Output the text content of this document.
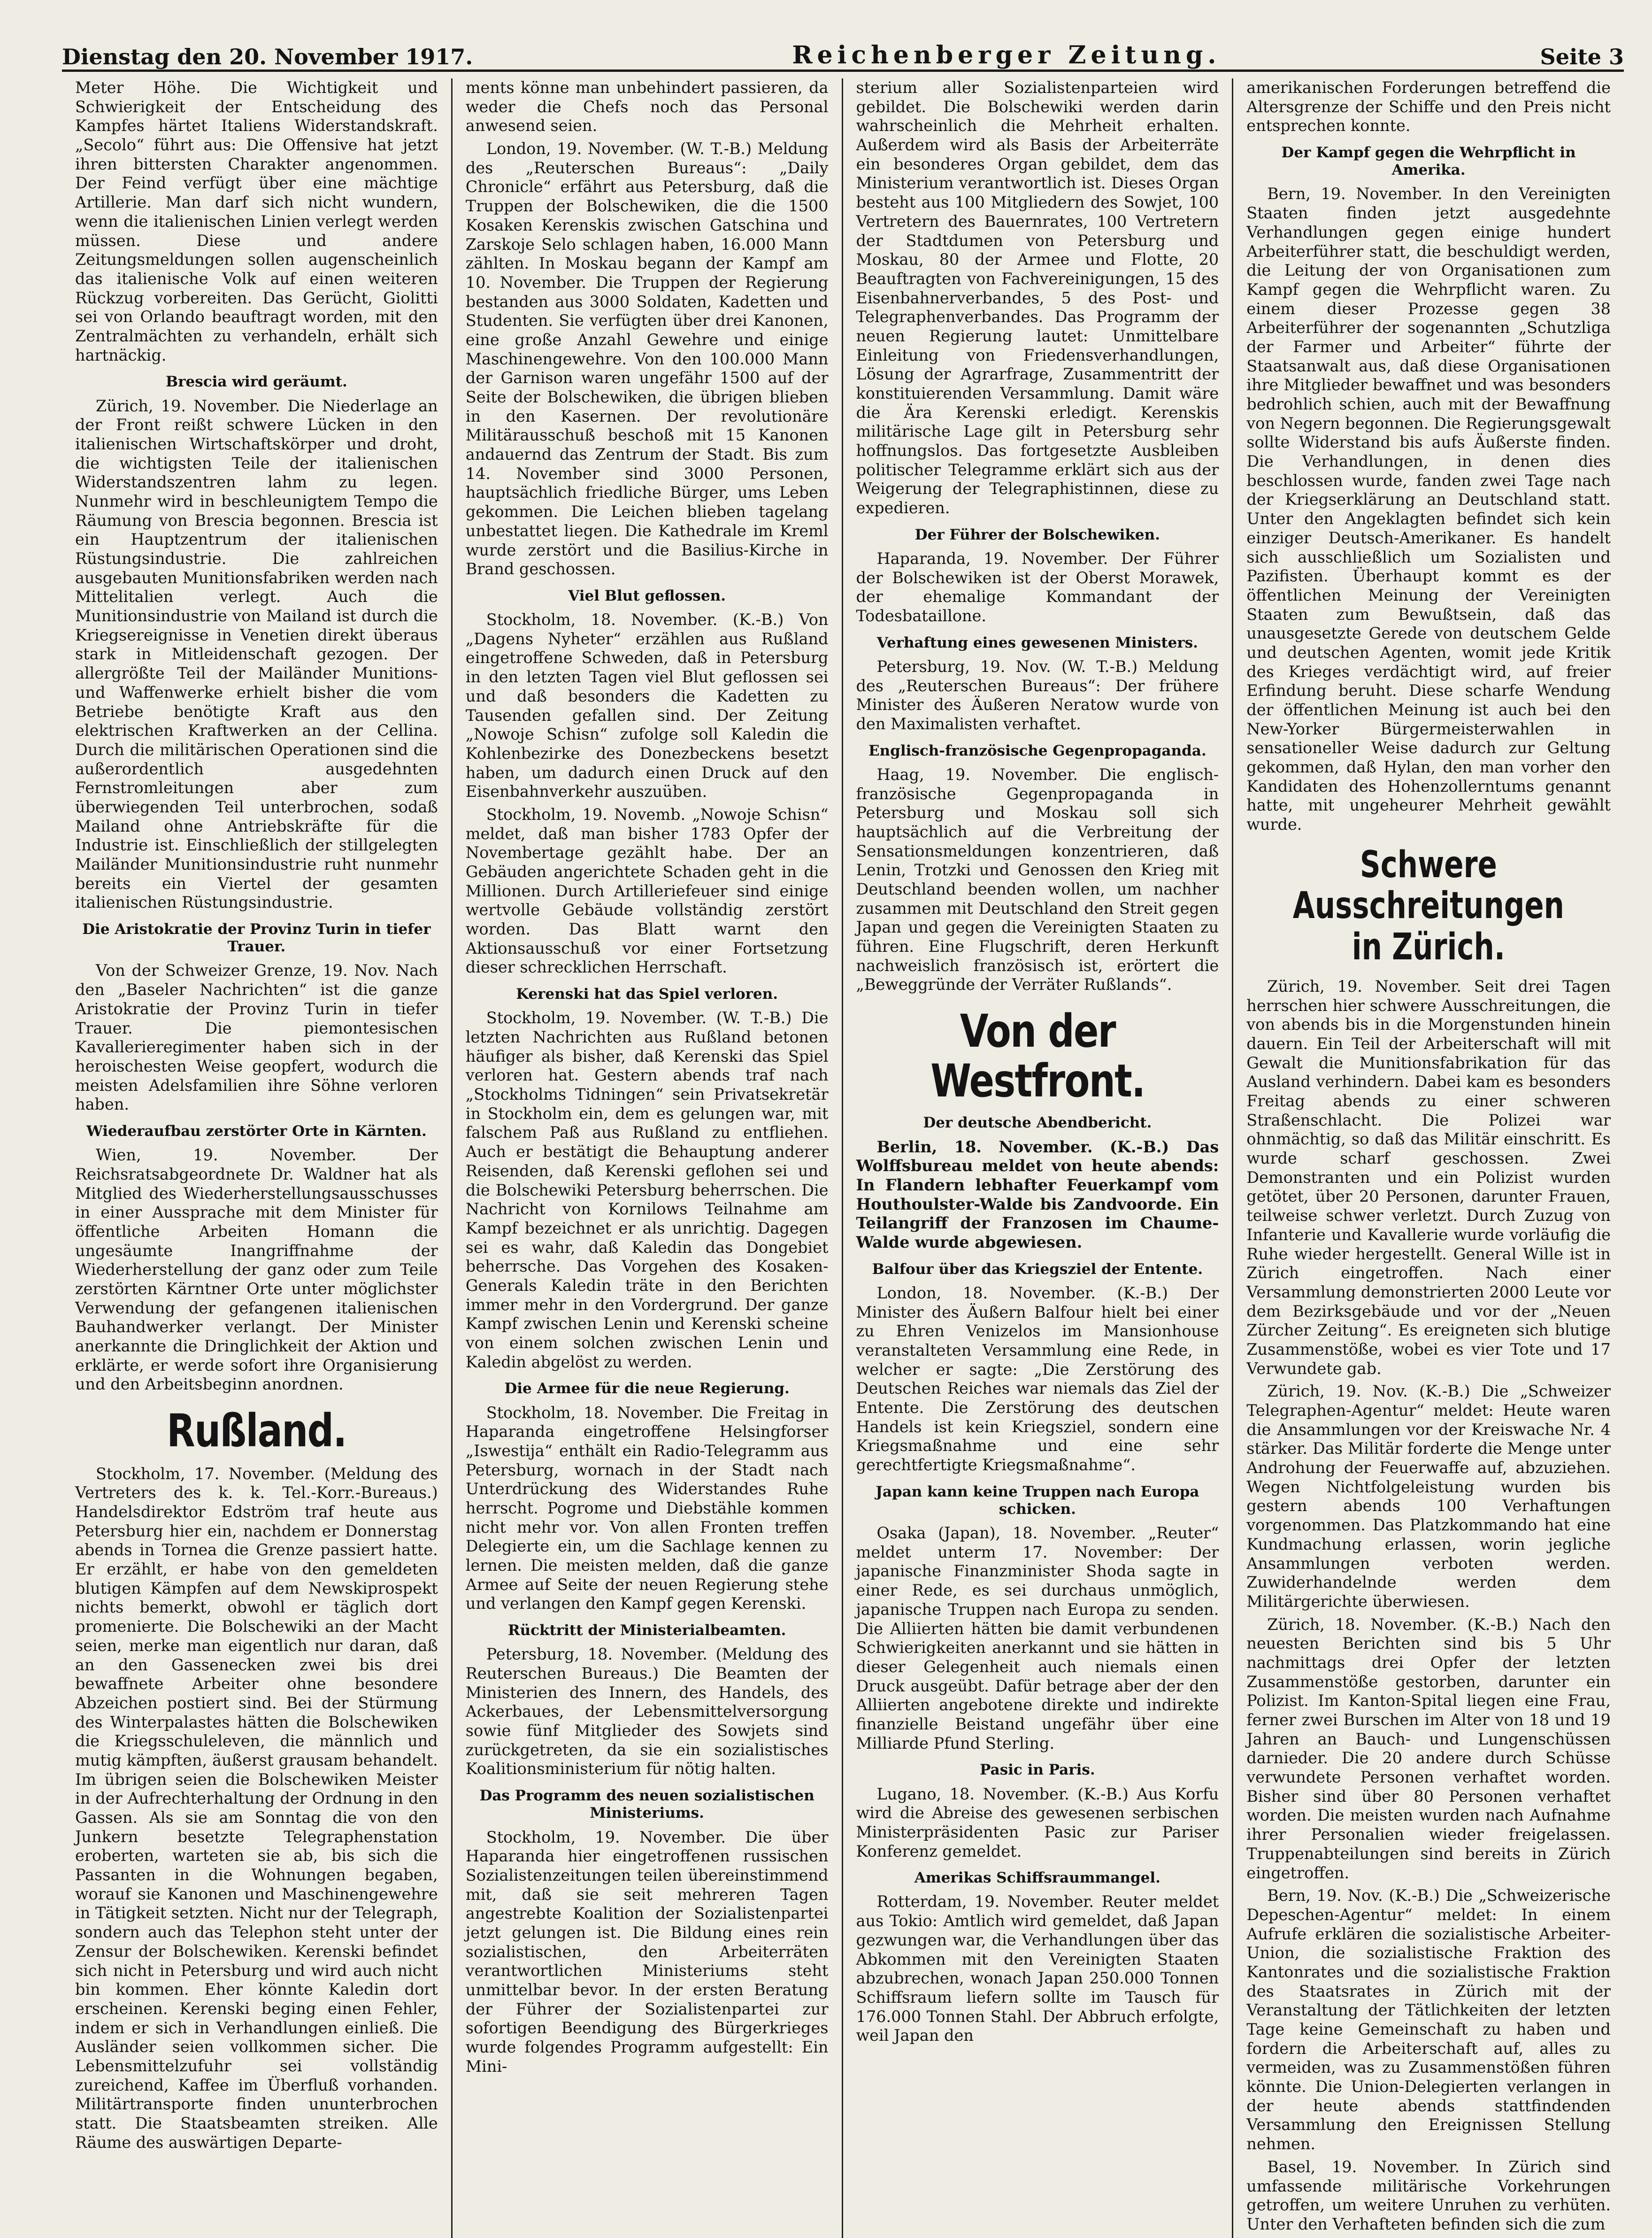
Dienstag den 20. November 1917.	Reichenberger Zeitung.	Seite 3

Meter Höhe. Die Wichtigkeit und Schwierigkeit der Entscheidung des Kampfes härtet Italiens Widerstandskraft. „Secolo“ führt aus: Die Offensive hat jetzt ihren bittersten Charakter angenommen. Der Feind verfügt über eine mächtige Artillerie. Man darf sich nicht wundern, wenn die italienischen Linien verlegt werden müssen. Diese und andere Zeitungsmeldungen sollen augenscheinlich das italienische Volk auf einen weiteren Rückzug vorbereiten. Das Gerücht, Giolitti sei von Orlando beauftragt worden, mit den Zentralmächten zu verhandeln, erhält sich hartnäckig.

Brescia wird geräumt.

Zürich, 19. November. Die Niederlage an der Front reißt schwere Lücken in den italienischen Wirtschaftskörper und droht, die wichtigsten Teile der italienischen Widerstandszentren lahm zu legen. Nunmehr wird in beschleunigtem Tempo die Räumung von Brescia begonnen. Brescia ist ein Hauptzentrum der italienischen Rüstungsindustrie. Die zahlreichen ausgebauten Munitionsfabriken werden nach Mittelitalien verlegt. Auch die Munitionsindustrie von Mailand ist durch die Kriegsereignisse in Venetien direkt überaus stark in Mitleidenschaft gezogen. Der allergrößte Teil der Mailänder Munitions- und Waffenwerke erhielt bisher die vom Betriebe benötigte Kraft aus den elektrischen Kraftwerken an der Cellina. Durch die militärischen Operationen sind die außerordentlich ausgedehnten Fernstromleitungen aber zum überwiegenden Teil unterbrochen, sodaß Mailand ohne Antriebskräfte für die Industrie ist. Einschließlich der stillgelegten Mailänder Munitionsindustrie ruht nunmehr bereits ein Viertel der gesamten italienischen Rüstungsindustrie.

Die Aristokratie der Provinz Turin in tiefer Trauer.

Von der Schweizer Grenze, 19. Nov. Nach den „Baseler Nachrichten“ ist die ganze Aristokratie der Provinz Turin in tiefer Trauer. Die piemontesischen Kavallerieregimenter haben sich in der heroischesten Weise geopfert, wodurch die meisten Adelsfamilien ihre Söhne verloren haben.

Wiederaufbau zerstörter Orte in Kärnten.

Wien, 19. November. Der Reichsratsabgeordnete Dr. Waldner hat als Mitglied des Wiederherstellungsausschusses in einer Aussprache mit dem Minister für öffentliche Arbeiten Homann die ungesäumte Inangriffnahme der Wiederherstellung der ganz oder zum Teile zerstörten Kärntner Orte unter möglichster Verwendung der gefangenen italienischen Bauhandwerker verlangt. Der Minister anerkannte die Dringlichkeit der Aktion und erklärte, er werde sofort ihre Organisierung und den Arbeitsbeginn anordnen.

Rußland.

Stockholm, 17. November. (Meldung des Vertreters des k. k. Tel.-Korr.-Bureaus.) Handelsdirektor Edström traf heute aus Petersburg hier ein, nachdem er Donnerstag abends in Tornea die Grenze passiert hatte. Er erzählt, er habe von den gemeldeten blutigen Kämpfen auf dem Newskiprospekt nichts bemerkt, obwohl er täglich dort promenierte. Die Bolschewiki an der Macht seien, merke man eigentlich nur daran, daß an den Gassenecken zwei bis drei bewaffnete Arbeiter ohne besondere Abzeichen postiert sind. Bei der Stürmung des Winterpalastes hätten die Bolschewiken die Kriegsschuleleven, die männlich und mutig kämpften, äußerst grausam behandelt. Im übrigen seien die Bolschewiken Meister in der Aufrechterhaltung der Ordnung in den Gassen. Als sie am Sonntag die von den Junkern besetzte Telegraphenstation eroberten, warteten sie ab, bis sich die Passanten in die Wohnungen begaben, worauf sie Kanonen und Maschinengewehre in Tätigkeit setzten. Nicht nur der Telegraph, sondern auch das Telephon steht unter der Zensur der Bolschewiken. Kerenski befindet sich nicht in Petersburg und wird auch nicht bin kommen. Eher könnte Kaledin dort erscheinen. Kerenski beging einen Fehler, indem er sich in Verhandlungen einließ. Die Ausländer seien vollkommen sicher. Die Lebensmittelzufuhr sei vollständig zureichend, Kaffee im Überfluß vorhanden. Militärtransporte finden ununterbrochen statt. Die Staatsbeamten streiken. Alle Räume des auswärtigen Departe-

ments könne man unbehindert passieren, da weder die Chefs noch das Personal anwesend seien.

London, 19. November. (W. T.-B.) Meldung des „Reuterschen Bureaus“: „Daily Chronicle“ erfährt aus Petersburg, daß die Truppen der Bolschewiken, die die 1500 Kosaken Kerenskis zwischen Gatschina und Zarskoje Selo schlagen haben, 16.000 Mann zählten. In Moskau begann der Kampf am 10. November. Die Truppen der Regierung bestanden aus 3000 Soldaten, Kadetten und Studenten. Sie verfügten über drei Kanonen, eine große Anzahl Gewehre und einige Maschinengewehre. Von den 100.000 Mann der Garnison waren ungefähr 1500 auf der Seite der Bolschewiken, die übrigen blieben in den Kasernen. Der revolutionäre Militärausschuß beschoß mit 15 Kanonen andauernd das Zentrum der Stadt. Bis zum 14. November sind 3000 Personen, hauptsächlich friedliche Bürger, ums Leben gekommen. Die Leichen blieben tagelang unbestattet liegen. Die Kathedrale im Kreml wurde zerstört und die Basilius-Kirche in Brand geschossen.

Viel Blut geflossen.

Stockholm, 18. November. (K.-B.) Von „Dagens Nyheter“ erzählen aus Rußland eingetroffene Schweden, daß in Petersburg in den letzten Tagen viel Blut geflossen sei und daß besonders die Kadetten zu Tausenden gefallen sind. Der Zeitung „Nowoje Schisn“ zufolge soll Kaledin die Kohlenbezirke des Donezbeckens besetzt haben, um dadurch einen Druck auf den Eisenbahnverkehr auszuüben.

Stockholm, 19. Novemb. „Nowoje Schisn“ meldet, daß man bisher 1783 Opfer der Novembertage gezählt habe. Der an Gebäuden angerichtete Schaden geht in die Millionen. Durch Artilleriefeuer sind einige wertvolle Gebäude vollständig zerstört worden. Das Blatt warnt den Aktionsausschuß vor einer Fortsetzung dieser schrecklichen Herrschaft.

Kerenski hat das Spiel verloren.

Stockholm, 19. November. (W. T.-B.) Die letzten Nachrichten aus Rußland betonen häufiger als bisher, daß Kerenski das Spiel verloren hat. Gestern abends traf nach „Stockholms Tidningen“ sein Privatsekretär in Stockholm ein, dem es gelungen war, mit falschem Paß aus Rußland zu entfliehen. Auch er bestätigt die Behauptung anderer Reisenden, daß Kerenski geflohen sei und die Bolschewiki Petersburg beherrschen. Die Nachricht von Kornilows Teilnahme am Kampf bezeichnet er als unrichtig. Dagegen sei es wahr, daß Kaledin das Dongebiet beherrsche. Das Vorgehen des Kosaken-Generals Kaledin träte in den Berichten immer mehr in den Vordergrund. Der ganze Kampf zwischen Lenin und Kerenski scheine von einem solchen zwischen Lenin und Kaledin abgelöst zu werden.

Die Armee für die neue Regierung.

Stockholm, 18. November. Die Freitag in Haparanda eingetroffene Helsingforser „Iswestija“ enthält ein Radio-Telegramm aus Petersburg, wornach in der Stadt nach Unterdrückung des Widerstandes Ruhe herrscht. Pogrome und Diebstähle kommen nicht mehr vor. Von allen Fronten treffen Delegierte ein, um die Sachlage kennen zu lernen. Die meisten melden, daß die ganze Armee auf Seite der neuen Regierung stehe und verlangen den Kampf gegen Kerenski.

Rücktritt der Ministerialbeamten.

Petersburg, 18. November. (Meldung des Reuterschen Bureaus.) Die Beamten der Ministerien des Innern, des Handels, des Ackerbaues, der Lebensmittelversorgung sowie fünf Mitglieder des Sowjets sind zurückgetreten, da sie ein sozialistisches Koalitionsministerium für nötig halten.

Das Programm des neuen sozialistischen Ministeriums.

Stockholm, 19. November. Die über Haparanda hier eingetroffenen russischen Sozialistenzeitungen teilen übereinstimmend mit, daß sie seit mehreren Tagen angestrebte Koalition der Sozialistenpartei jetzt gelungen ist. Die Bildung eines rein sozialistischen, den Arbeiterräten verantwortlichen Ministeriums steht unmittelbar bevor. In der ersten Beratung der Führer der Sozialistenpartei zur sofortigen Beendigung des Bürgerkrieges wurde folgendes Programm aufgestellt: Ein Mini-

sterium aller Sozialistenparteien wird gebildet. Die Bolschewiki werden darin wahrscheinlich die Mehrheit erhalten. Außerdem wird als Basis der Arbeiterräte ein besonderes Organ gebildet, dem das Ministerium verantwortlich ist. Dieses Organ besteht aus 100 Mitgliedern des Sowjet, 100 Vertretern des Bauernrates, 100 Vertretern der Stadtdumen von Petersburg und Moskau, 80 der Armee und Flotte, 20 Beauftragten von Fachvereinigungen, 15 des Eisenbahnerverbandes, 5 des Post- und Telegraphenverbandes. Das Programm der neuen Regierung lautet: Unmittelbare Einleitung von Friedensverhandlungen, Lösung der Agrarfrage, Zusammentritt der konstituierenden Versammlung. Damit wäre die Ära Kerenski erledigt. Kerenskis militärische Lage gilt in Petersburg sehr hoffnungslos. Das fortgesetzte Ausbleiben politischer Telegramme erklärt sich aus der Weigerung der Telegraphistinnen, diese zu expedieren.

Der Führer der Bolschewiken.

Haparanda, 19. November. Der Führer der Bolschewiken ist der Oberst Morawek, der ehemalige Kommandant der Todesbataillone.

Verhaftung eines gewesenen Ministers.

Petersburg, 19. Nov. (W. T.-B.) Meldung des „Reuterschen Bureaus“: Der frühere Minister des Äußeren Neratow wurde von den Maximalisten verhaftet.

Englisch-französische Gegenpropaganda.

Haag, 19. November. Die englisch-französische Gegenpropaganda in Petersburg und Moskau soll sich hauptsächlich auf die Verbreitung der Sensationsmeldungen konzentrieren, daß Lenin, Trotzki und Genossen den Krieg mit Deutschland beenden wollen, um nachher zusammen mit Deutschland den Streit gegen Japan und gegen die Vereinigten Staaten zu führen. Eine Flugschrift, deren Herkunft nachweislich französisch ist, erörtert die „Beweggründe der Verräter Rußlands“.

Von der Westfront.
Der deutsche Abendbericht.

Berlin, 18. November. (K.-B.) Das Wolffsbureau meldet von heute abends: In Flandern lebhafter Feuerkampf vom Houthoulster-Walde bis Zandvoorde. Ein Teilangriff der Franzosen im Chaume-Walde wurde abgewiesen.

Balfour über das Kriegsziel der Entente.

London, 18. November. (K.-B.) Der Minister des Äußern Balfour hielt bei einer zu Ehren Venizelos im Mansionhouse veranstalteten Versammlung eine Rede, in welcher er sagte: „Die Zerstörung des Deutschen Reiches war niemals das Ziel der Entente. Die Zerstörung des deutschen Handels ist kein Kriegsziel, sondern eine Kriegsmaßnahme und eine sehr gerechtfertigte Kriegsmaßnahme“.

Japan kann keine Truppen nach Europa schicken.

Osaka (Japan), 18. November. „Reuter“ meldet unterm 17. November: Der japanische Finanzminister Shoda sagte in einer Rede, es sei durchaus unmöglich, japanische Truppen nach Europa zu senden. Die Alliierten hätten bie damit verbundenen Schwierigkeiten anerkannt und sie hätten in dieser Gelegenheit auch niemals einen Druck ausgeübt. Dafür betrage aber der den Alliierten angebotene direkte und indirekte finanzielle Beistand ungefähr über eine Milliarde Pfund Sterling.

Pasic in Paris.

Lugano, 18. November. (K.-B.) Aus Korfu wird die Abreise des gewesenen serbischen Ministerpräsidenten Pasic zur Pariser Konferenz gemeldet.

Amerikas Schiffsraummangel.

Rotterdam, 19. November. Reuter meldet aus Tokio: Amtlich wird gemeldet, daß Japan gezwungen war, die Verhandlungen über das Abkommen mit den Vereinigten Staaten abzubrechen, wonach Japan 250.000 Tonnen Schiffsraum liefern sollte im Tausch für 176.000 Tonnen Stahl. Der Abbruch erfolgte, weil Japan den

amerikanischen Forderungen betreffend die Altersgrenze der Schiffe und den Preis nicht entsprechen konnte.

Der Kampf gegen die Wehrpflicht in Amerika.

Bern, 19. November. In den Vereinigten Staaten finden jetzt ausgedehnte Verhandlungen gegen einige hundert Arbeiterführer statt, die beschuldigt werden, die Leitung der von Organisationen zum Kampf gegen die Wehrpflicht waren. Zu einem dieser Prozesse gegen 38 Arbeiterführer der sogenannten „Schutzliga der Farmer und Arbeiter“ führte der Staatsanwalt aus, daß diese Organisationen ihre Mitglieder bewaffnet und was besonders bedrohlich schien, auch mit der Bewaffnung von Negern begonnen. Die Regierungsgewalt sollte Widerstand bis aufs Äußerste finden. Die Verhandlungen, in denen dies beschlossen wurde, fanden zwei Tage nach der Kriegserklärung an Deutschland statt. Unter den Angeklagten befindet sich kein einziger Deutsch-Amerikaner. Es handelt sich ausschließlich um Sozialisten und Pazifisten. Überhaupt kommt es der öffentlichen Meinung der Vereinigten Staaten zum Bewußtsein, daß das unausgesetzte Gerede von deutschem Gelde und deutschen Agenten, womit jede Kritik des Krieges verdächtigt wird, auf freier Erfindung beruht. Diese scharfe Wendung der öffentlichen Meinung ist auch bei den New-Yorker Bürgermeisterwahlen in sensationeller Weise dadurch zur Geltung gekommen, daß Hylan, den man vorher den Kandidaten des Hohenzollerntums genannt hatte, mit ungeheurer Mehrheit gewählt wurde.

Schwere Ausschreitungen in Zürich.

Zürich, 19. November. Seit drei Tagen herrschen hier schwere Ausschreitungen, die von abends bis in die Morgenstunden hinein dauern. Ein Teil der Arbeiterschaft will mit Gewalt die Munitionsfabrikation für das Ausland verhindern. Dabei kam es besonders Freitag abends zu einer schweren Straßenschlacht. Die Polizei war ohnmächtig, so daß das Militär einschritt. Es wurde scharf geschossen. Zwei Demonstranten und ein Polizist wurden getötet, über 20 Personen, darunter Frauen, teilweise schwer verletzt. Durch Zuzug von Infanterie und Kavallerie wurde vorläufig die Ruhe wieder hergestellt. General Wille ist in Zürich eingetroffen. Nach einer Versammlung demonstrierten 2000 Leute vor dem Bezirksgebäude und vor der „Neuen Zürcher Zeitung“. Es ereigneten sich blutige Zusammenstöße, wobei es vier Tote und 17 Verwundete gab.

Zürich, 19. Nov. (K.-B.) Die „Schweizer Telegraphen-Agentur“ meldet: Heute waren die Ansammlungen vor der Kreiswache Nr. 4 stärker. Das Militär forderte die Menge unter Androhung der Feuerwaffe auf, abzuziehen. Wegen Nichtfolgeleistung wurden bis gestern abends 100 Verhaftungen vorgenommen. Das Platzkommando hat eine Kundmachung erlassen, worin jegliche Ansammlungen verboten werden. Zuwiderhandelnde werden dem Militärgerichte überwiesen.

Zürich, 18. November. (K.-B.) Nach den neuesten Berichten sind bis 5 Uhr nachmittags drei Opfer der letzten Zusammenstöße gestorben, darunter ein Polizist. Im Kanton-Spital liegen eine Frau, ferner zwei Burschen im Alter von 18 und 19 Jahren an Bauch- und Lungenschüssen darnieder. Die 20 andere durch Schüsse verwundete Personen verhaftet worden. Bisher sind über 80 Personen verhaftet worden. Die meisten wurden nach Aufnahme ihrer Personalien wieder freigelassen. Truppenabteilungen sind bereits in Zürich eingetroffen.

Bern, 19. Nov. (K.-B.) Die „Schweizerische Depeschen-Agentur“ meldet: In einem Aufrufe erklären die sozialistische Arbeiter-Union, die sozialistische Fraktion des Kantonrates und die sozialistische Fraktion des Staatsrates in Zürich mit der Veranstaltung der Tätlichkeiten der letzten Tage keine Gemeinschaft zu haben und fordern die Arbeiterschaft auf, alles zu vermeiden, was zu Zusammenstößen führen könnte. Die Union-Delegierten verlangen in der heute abends stattfindenden Versammlung den Ereignissen Stellung nehmen.

Basel, 19. November. In Zürich sind umfassende militärische Vorkehrungen getroffen, um weitere Unruhen zu verhüten. Unter den Verhafteten befinden sich die zum
